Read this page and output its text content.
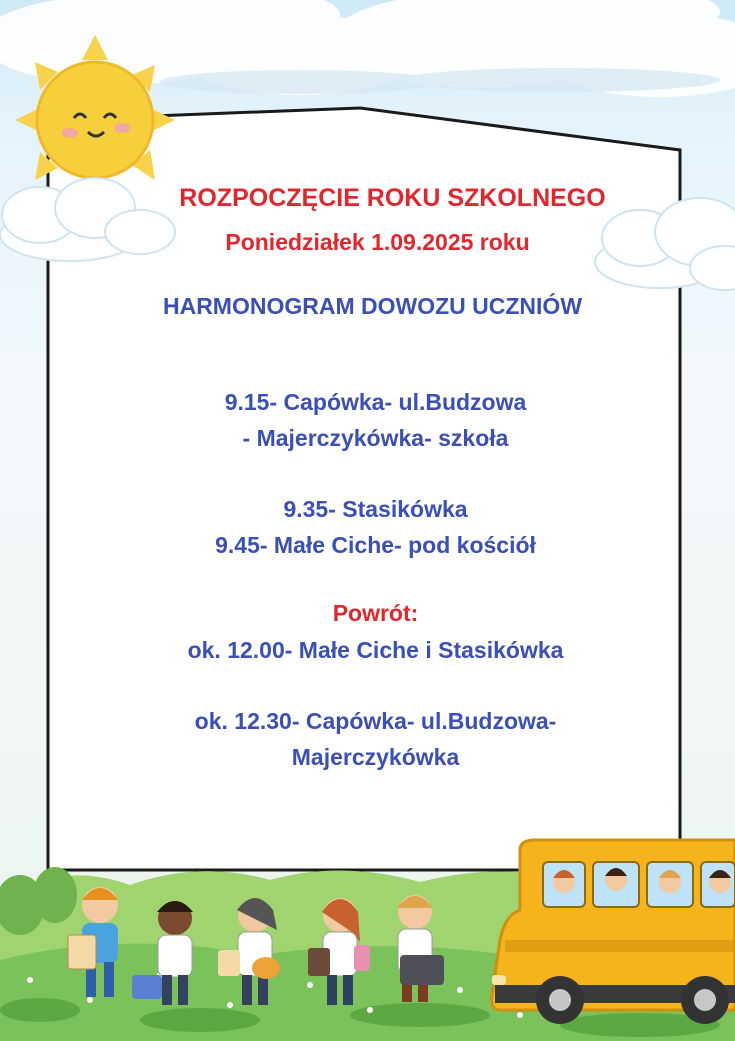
ROZPOCZĘCIE ROKU SZKOLNEGO

Poniedziałek 1.09.2025 roku

HARMONOGRAM DOWOZU UCZNIÓW

9.15- Capówka- ul.Budzowa
- Majerczykówka- szkoła
9.35- Stasikówka
9.45- Małe Ciche- pod kościół

Powrót:

ok. 12.00- Małe Ciche i Stasikówka

ok. 12.30- Capówka- ul.Budzowa-
Majerczykówka
